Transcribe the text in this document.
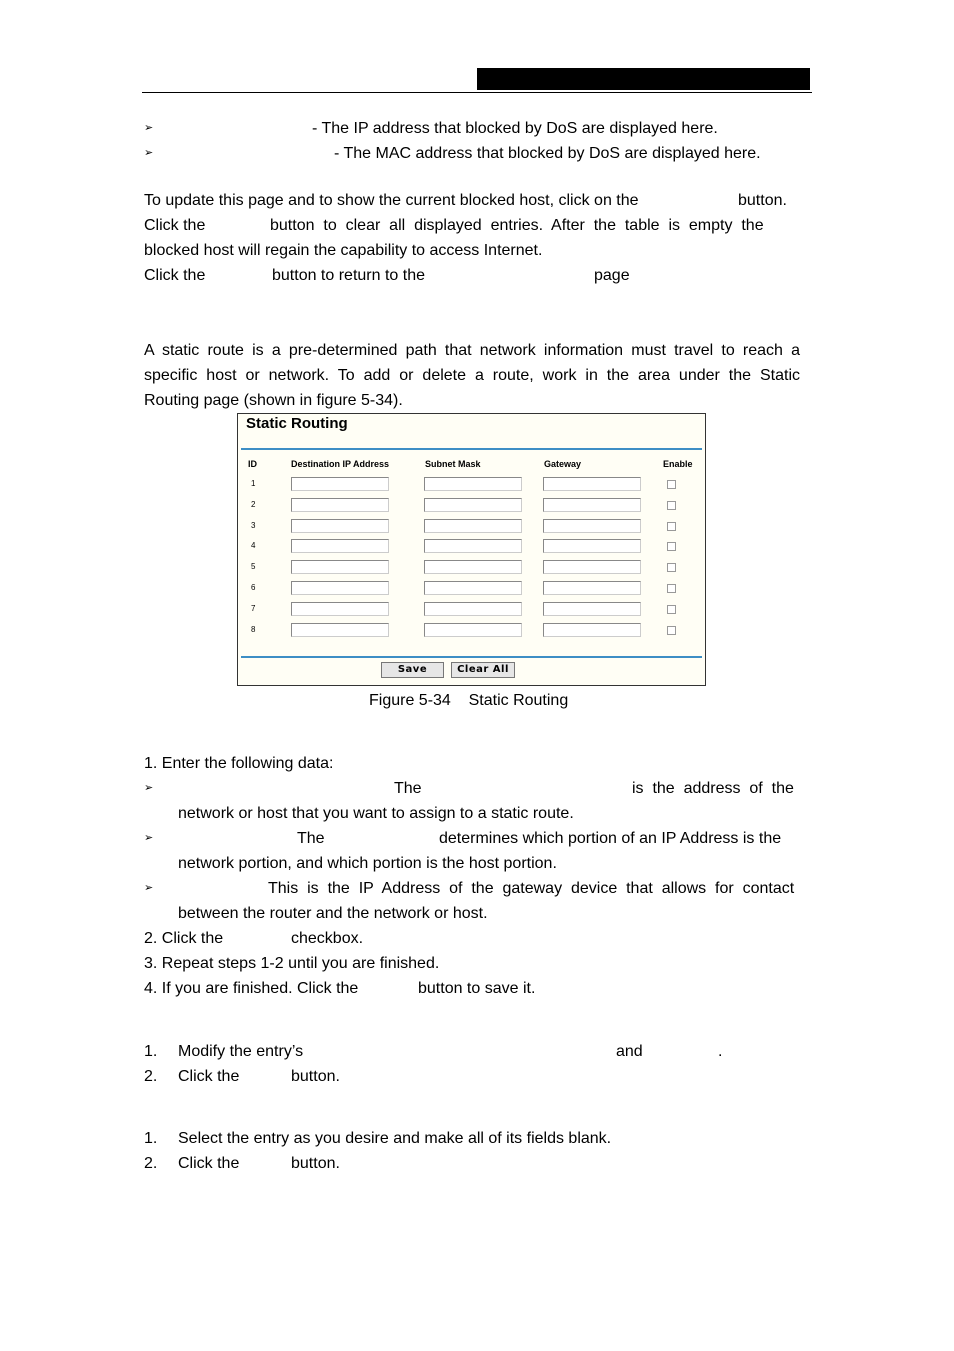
➢	- The IP address that blocked by DoS are displayed here.
➢	- The MAC address that blocked by DoS are displayed here.
To update this page and to show the current blocked host, click on the	button.
Click the	button  to  clear  all  displayed  entries.  After  the  table  is  empty  the
blocked host will regain the capability to access Internet.
Click the	button to return to the	page
A static route is a pre-determined path that network information must travel to reach a
specific host or network. To add or delete a route, work in the area under the Static
Routing page (shown in figure 5-34).
Static Routing
ID	Destination IP Address	Subnet Mask	Gateway	Enable
1
2
3
4
5
6
7
8
Save	Clear All
Figure 5-34    Static Routing
1. Enter the following data:
➢	The	is  the  address  of  the
network or host that you want to assign to a static route.
➢	The	determines which portion of an IP Address is the
network portion, and which portion is the host portion.
➢	This  is  the  IP  Address  of  the  gateway  device  that  allows  for  contact
between the router and the network or host.
2. Click the	checkbox.
3. Repeat steps 1-2 until you are finished.
4. If you are finished. Click the	button to save it.
1. Modify the entry’s	and	.
2. Click the	button.
1. Select the entry as you desire and make all of its fields blank.
2. Click the	button.
